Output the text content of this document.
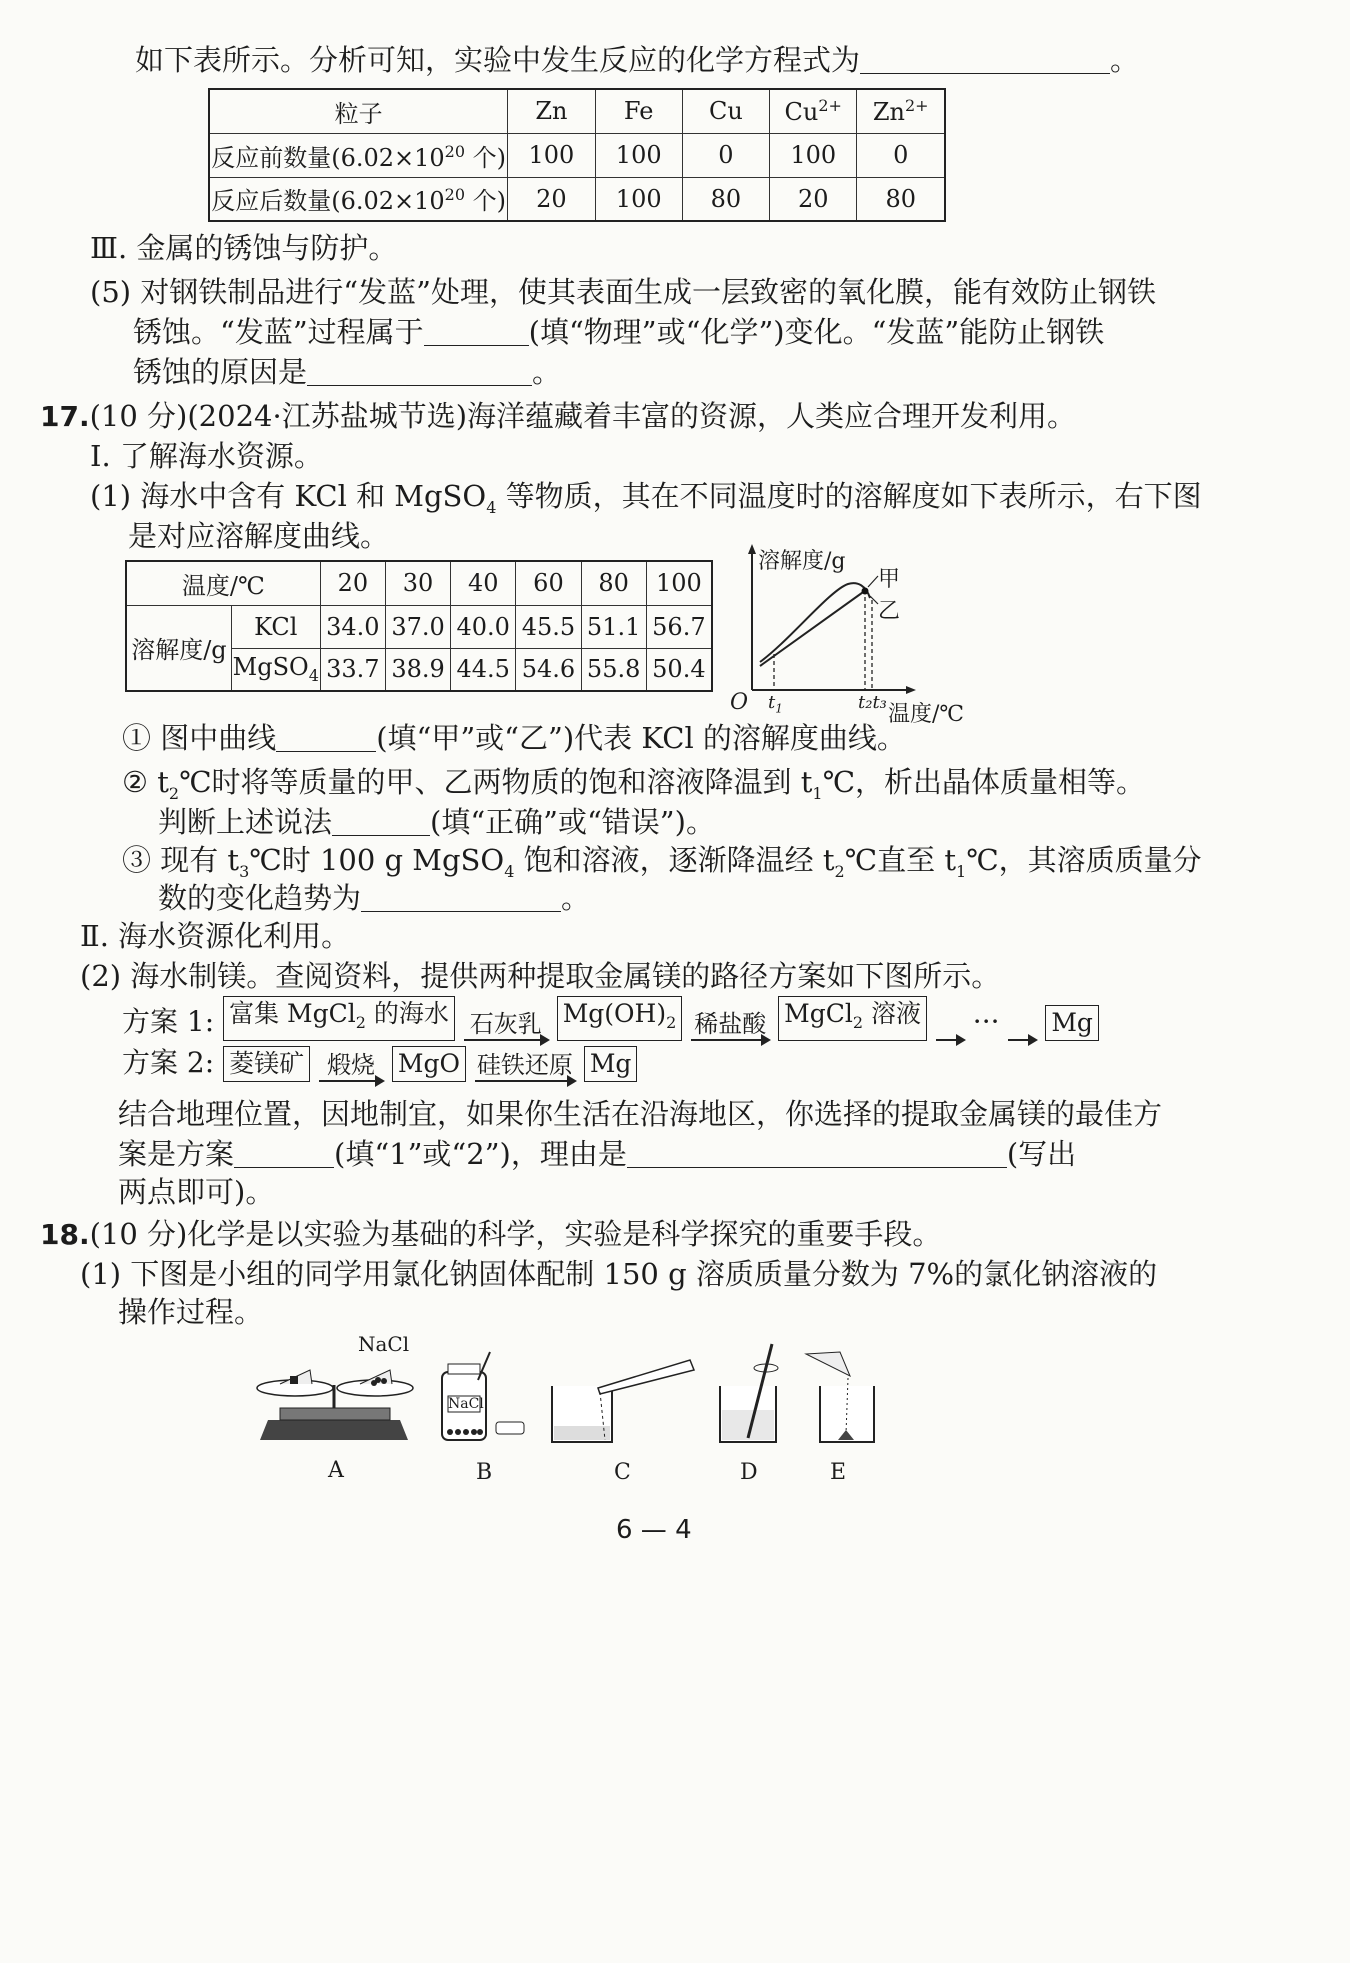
如下表所示。分析可知，实验中发生反应的化学方程式为	。
粒子	Zn	Fe	Cu	$Cu^{2+}$	$Zn^{2+}$
反应前数量($6.02\times 10^{20}$ 个)	100	100	0	100	0
反应后数量($6.02\times 10^{20}$ 个)	20	100	80	20	80
Ⅲ. 金属的锈蚀与防护。
(5) 对钢铁制品进行“发蓝”处理，使其表面生成一层致密的氧化膜，能有效防止钢铁
锈蚀。“发蓝”过程属于	(填“物理”或“化学”)变化。“发蓝”能防止钢铁
锈蚀的原因是	。
17.(10 分)(2024·江苏盐城节选)海洋蕴藏着丰富的资源，人类应合理开发利用。
Ⅰ. 了解海水资源。
(1) 海水中含有 KCl 和 MgSO$_4$ 等物质，其在不同温度时的溶解度如下表所示，右下图
是对应溶解度曲线。
温度/℃		20	30	40	60	80	100
溶解度/g	KCl	34.0	37.0	40.0	45.5	51.1	56.7
	MgSO$_4$	33.7	38.9	44.5	54.6	55.8	50.4
溶解度/g
O $t_1$	t₂t₃ 温度/℃
甲
乙
① 图中曲线	(填“甲”或“乙”)代表 KCl 的溶解度曲线。
② $t_2℃$时将等质量的甲、乙两物质的饱和溶液降温到 $t_1℃$，析出晶体质量相等。
判断上述说法	(填“正确”或“错误”)。
③ 现有 $t_3℃$时 100 g MgSO$_4$ 饱和溶液，逐渐降温经 $t_2℃$直至 $t_1℃$，其溶质质量分
数的变化趋势为	。
Ⅱ. 海水资源化利用。
(2) 海水制镁。查阅资料，提供两种提取金属镁的路径方案如下图所示。
方案 1: 富集 MgCl$_2$ 的海水 石灰乳 $Mg(OH)_2$ 稀盐酸 MgCl$_2$ 溶液
···
Mg
方案 2: 菱镁矿 煅烧 MgO 硅铁还原 Mg
结合地理位置，因地制宜，如果你生活在沿海地区，你选择的提取金属镁的最佳方
案是方案	(填“1”或“2”)，理由是	(写出
两点即可)。
18.(10 分)化学是以实验为基础的科学，实验是科学探究的重要手段。
(1) 下图是小组的同学用氯化钠固体配制 150 g 溶质质量分数为 7%的氯化钠溶液的
操作过程。
NaCl
NaCl
A	B	C	D	E
6 — 4
